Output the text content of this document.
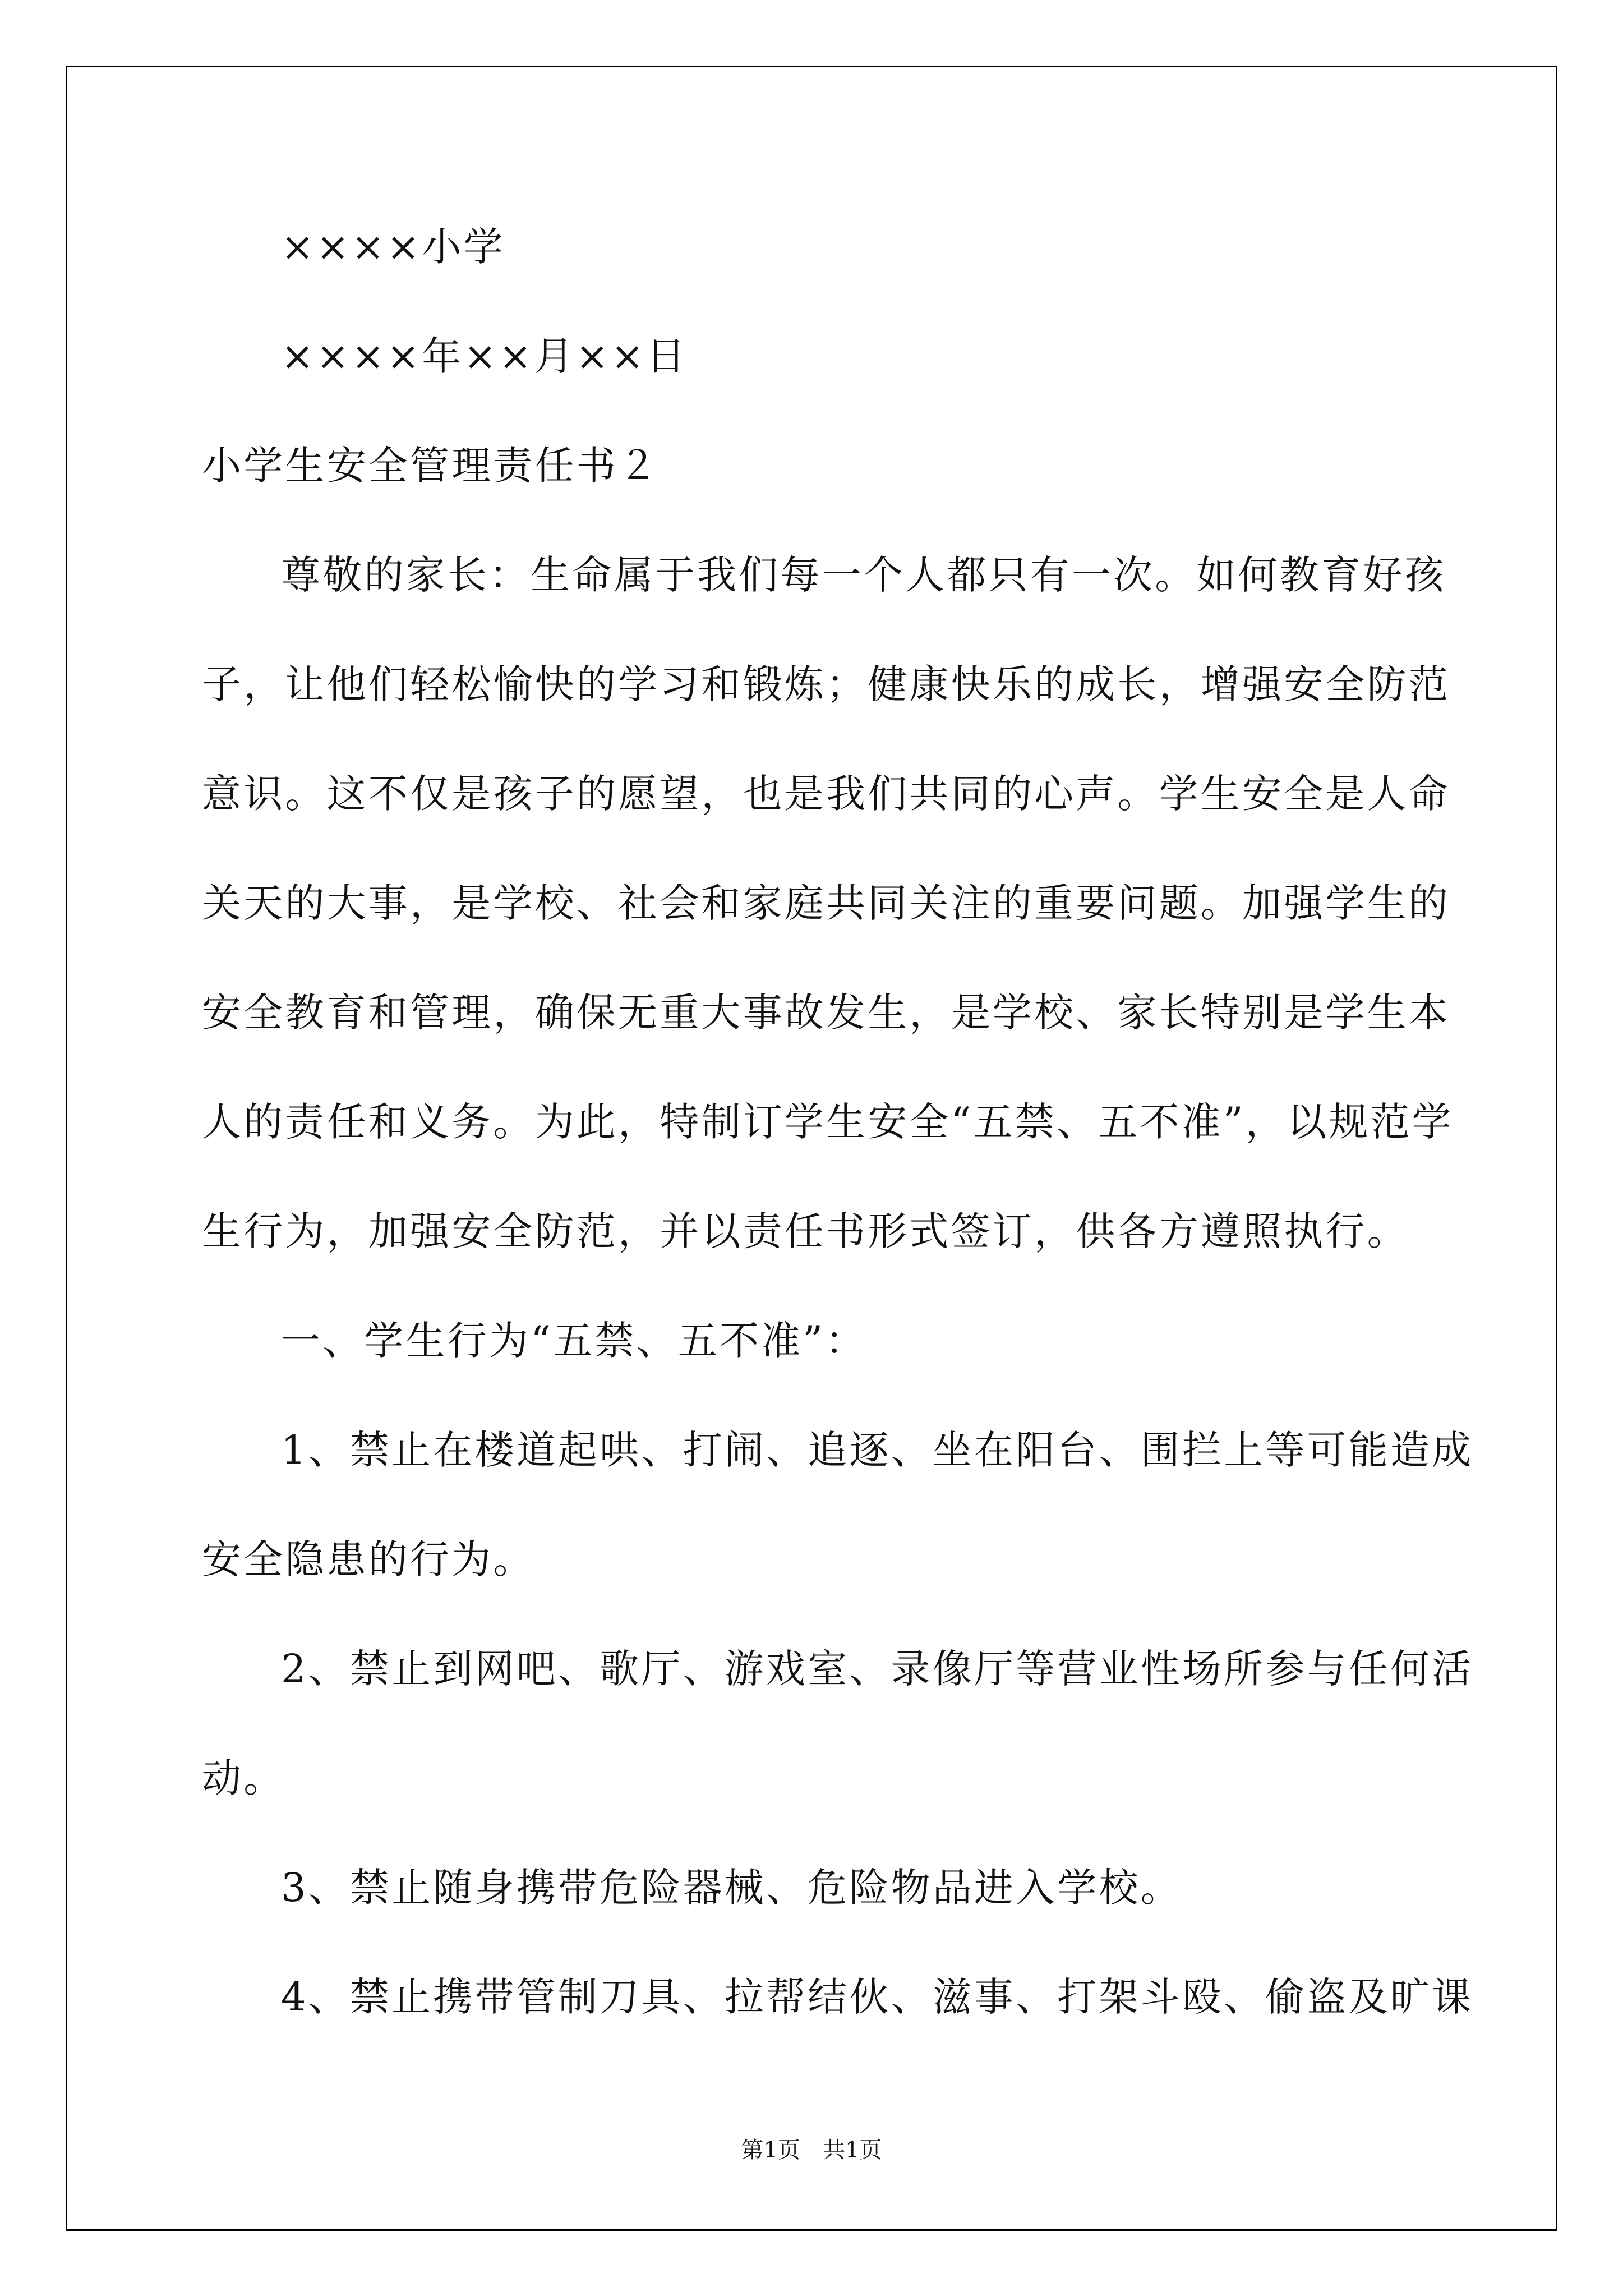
××××小学
××××年××月××日
小学生安全管理责任书２
尊敬的家长：生命属于我们每一个人都只有一次。如何教育好孩
子，让他们轻松愉快的学习和锻炼；健康快乐的成长，增强安全防范
意识。这不仅是孩子的愿望，也是我们共同的心声。学生安全是人命
关天的大事，是学校、社会和家庭共同关注的重要问题。加强学生的
安全教育和管理，确保无重大事故发生，是学校、家长特别是学生本
人的责任和义务。为此，特制订学生安全“五禁、五不准”，以规范学
生行为，加强安全防范，并以责任书形式签订，供各方遵照执行。
一、学生行为“五禁、五不准”：
1、禁止在楼道起哄、打闹、追逐、坐在阳台、围拦上等可能造成
安全隐患的行为。
2、禁止到网吧、歌厅、游戏室、录像厅等营业性场所参与任何活
动。
3、禁止随身携带危险器械、危险物品进入学校。
4、禁止携带管制刀具、拉帮结伙、滋事、打架斗殴、偷盗及旷课
第1页　共1页
